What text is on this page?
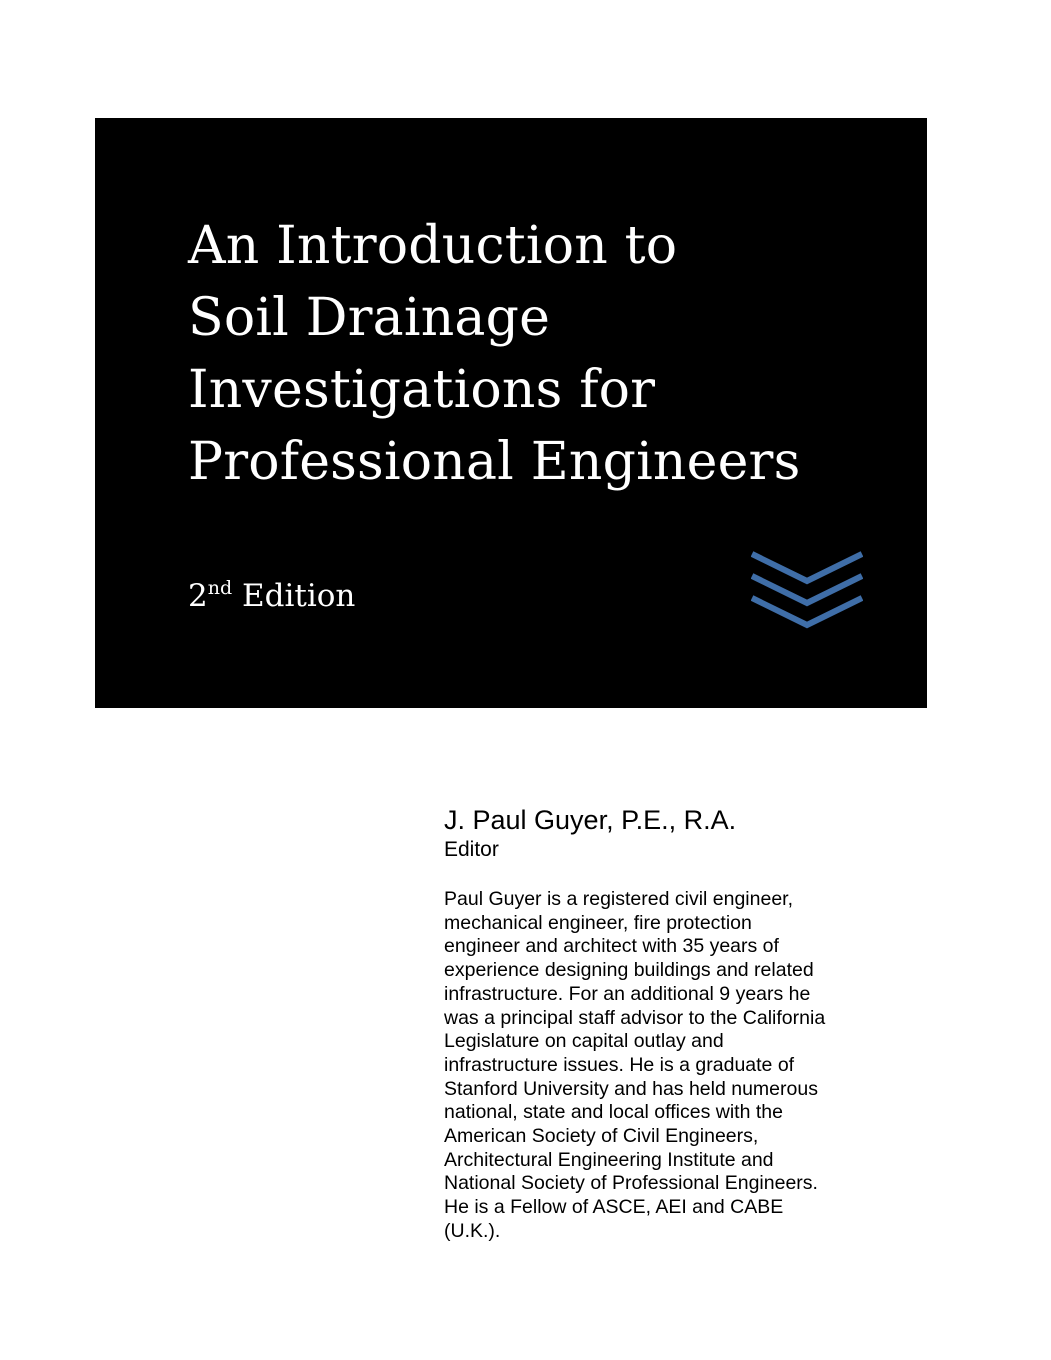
An Introduction to
Soil Drainage
Investigations for
Professional Engineers
2nd Edition
J. Paul Guyer, P.E., R.A.
Editor
Paul Guyer is a registered civil engineer,
mechanical engineer, fire protection
engineer and architect with 35 years of
experience designing buildings and related
infrastructure. For an additional 9 years he
was a principal staff advisor to the California
Legislature on capital outlay and
infrastructure issues. He is a graduate of
Stanford University and has held numerous
national, state and local offices with the
American Society of Civil Engineers,
Architectural Engineering Institute and
National Society of Professional Engineers.
He is a Fellow of ASCE, AEI and CABE
(U.K.).
